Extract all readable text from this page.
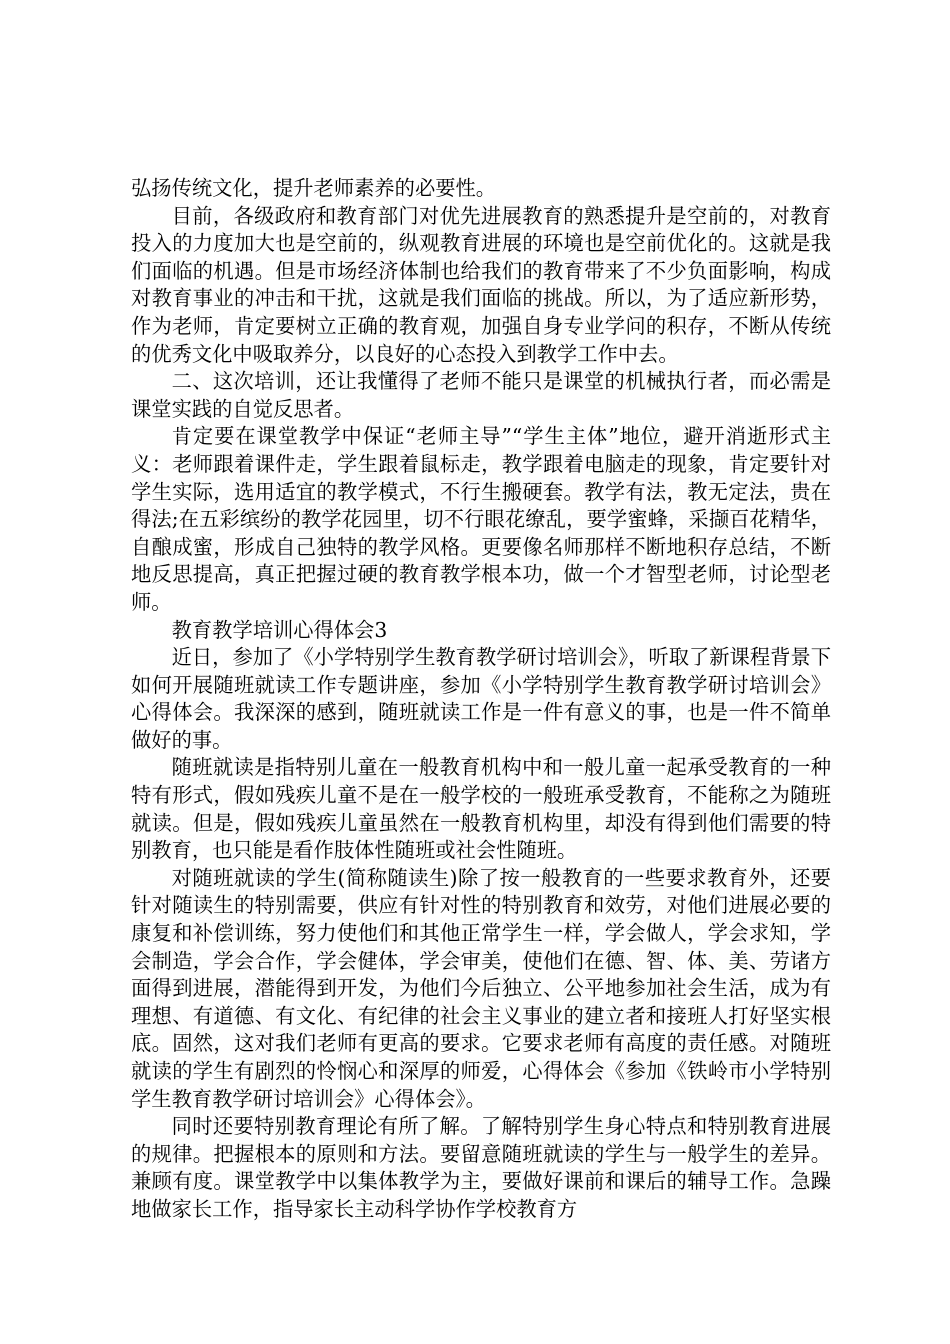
弘扬传统文化，提升老师素养的必要性。

目前，各级政府和教育部门对优先进展教育的熟悉提升是空前的，对教育投入的力度加大也是空前的，纵观教育进展的环境也是空前优化的。这就是我们面临的机遇。但是市场经济体制也给我们的教育带来了不少负面影响，构成对教育事业的冲击和干扰，这就是我们面临的挑战。所以，为了适应新形势，作为老师，肯定要树立正确的教育观，加强自身专业学问的积存，不断从传统的优秀文化中吸取养分，以良好的心态投入到教学工作中去。

二、这次培训，还让我懂得了老师不能只是课堂的机械执行者，而必需是课堂实践的自觉反思者。

肯定要在课堂教学中保证“老师主导”“学生主体”地位，避开消逝形式主义：老师跟着课件走，学生跟着鼠标走，教学跟着电脑走的现象，肯定要针对学生实际，选用适宜的教学模式，不行生搬硬套。教学有法，教无定法，贵在得法;在五彩缤纷的教学花园里，切不行眼花缭乱，要学蜜蜂，采撷百花精华，自酿成蜜，形成自己独特的教学风格。更要像名师那样不断地积存总结，不断地反思提高，真正把握过硬的教育教学根本功，做一个才智型老师，讨论型老师。

教育教学培训心得体会3

近日，参加了《小学特别学生教育教学研讨培训会》，听取了新课程背景下如何开展随班就读工作专题讲座，参加《小学特别学生教育教学研讨培训会》心得体会。我深深的感到，随班就读工作是一件有意义的事，也是一件不简单做好的事。

随班就读是指特别儿童在一般教育机构中和一般儿童一起承受教育的一种特有形式，假如残疾儿童不是在一般学校的一般班承受教育，不能称之为随班就读。但是，假如残疾儿童虽然在一般教育机构里，却没有得到他们需要的特别教育，也只能是看作肢体性随班或社会性随班。

对随班就读的学生(简称随读生)除了按一般教育的一些要求教育外，还要针对随读生的特别需要，供应有针对性的特别教育和效劳，对他们进展必要的康复和补偿训练，努力使他们和其他正常学生一样，学会做人，学会求知，学会制造，学会合作，学会健体，学会审美，使他们在德、智、体、美、劳诸方面得到进展，潜能得到开发，为他们今后独立、公平地参加社会生活，成为有理想、有道德、有文化、有纪律的社会主义事业的建立者和接班人打好坚实根底。固然，这对我们老师有更高的要求。它要求老师有高度的责任感。对随班就读的学生有剧烈的怜悯心和深厚的师爱，心得体会《参加《铁岭市小学特别学生教育教学研讨培训会》心得体会》。

同时还要特别教育理论有所了解。了解特别学生身心特点和特别教育进展的规律。把握根本的原则和方法。要留意随班就读的学生与一般学生的差异。兼顾有度。课堂教学中以集体教学为主，要做好课前和课后的辅导工作。急躁地做家长工作，指导家长主动科学协作学校教育方
